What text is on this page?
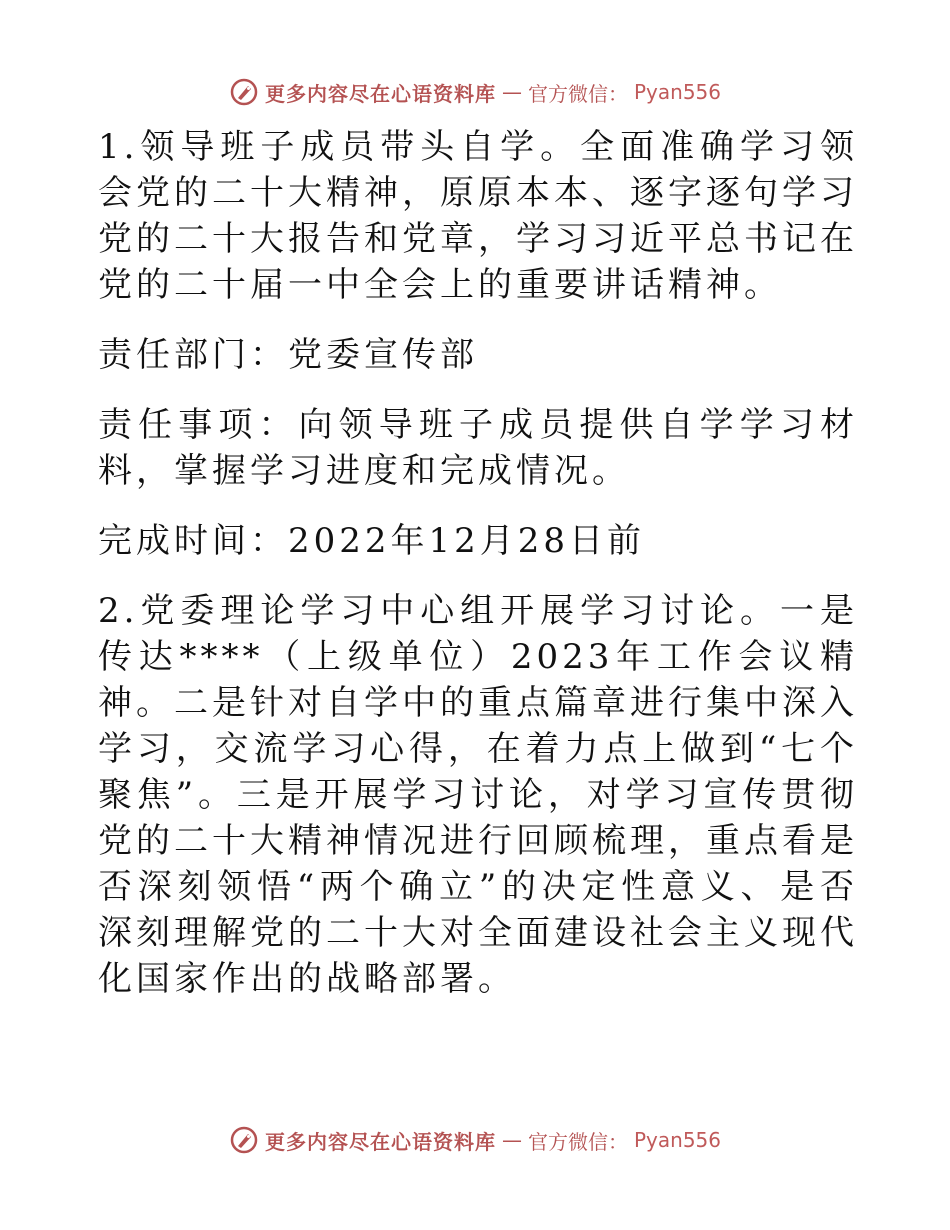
更多内容尽在心语资料库 — 官方微信： Pyan556

1.领导班子成员带头自学。全面准确学习领会党的二十大精神，原原本本、逐字逐句学习党的二十大报告和党章，学习习近平总书记在党的二十届一中全会上的重要讲话精神。

责任部门：党委宣传部

责任事项：向领导班子成员提供自学学习材料，掌握学习进度和完成情况。

完成时间：2022年12月28日前

2.党委理论学习中心组开展学习讨论。一是传达****（上级单位）2023年工作会议精神。二是针对自学中的重点篇章进行集中深入学习，交流学习心得，在着力点上做到“七个聚焦”。三是开展学习讨论，对学习宣传贯彻党的二十大精神情况进行回顾梳理，重点看是否深刻领悟“两个确立”的决定性意义、是否深刻理解党的二十大对全面建设社会主义现代化国家作出的战略部署。

更多内容尽在心语资料库 — 官方微信： Pyan556
